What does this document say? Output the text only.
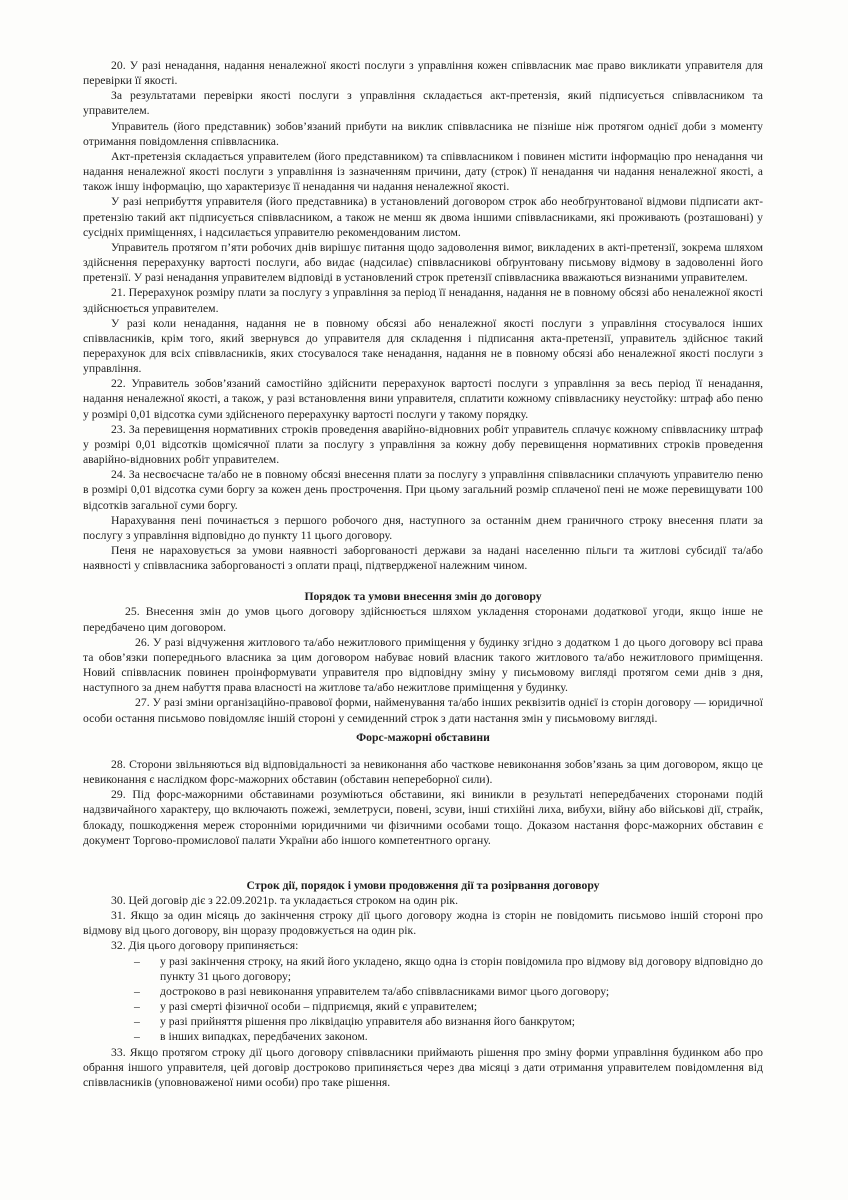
20. У разі ненадання, надання неналежної якості послуги з управління кожен співвласник має право викликати управителя для перевірки її якості.

За результатами перевірки якості послуги з управління складається акт-претензія, який підписується співвласником та управителем.

Управитель (його представник) зобов’язаний прибути на виклик співвласника не пізніше ніж протягом однієї доби з моменту отримання повідомлення співвласника.

Акт-претензія складається управителем (його представником) та співвласником і повинен містити інформацію про ненадання чи надання неналежної якості послуги з управління із зазначенням причини, дату (строк) її ненадання чи надання неналежної якості, а також іншу інформацію, що характеризує її ненадання чи надання неналежної якості.

У разі неприбуття управителя (його представника) в установлений договором строк або необґрунтованої відмови підписати акт-претензію такий акт підписується співвласником, а також не менш як двома іншими співвласниками, які проживають (розташовані) у сусідніх приміщеннях, і надсилається управителю рекомендованим листом.

Управитель протягом п’яти робочих днів вирішує питання щодо задоволення вимог, викладених в акті-претензії, зокрема шляхом здійснення перерахунку вартості послуги, або видає (надсилає) співвласникові обґрунтовану письмову відмову в задоволенні його претензії. У разі ненадання управителем відповіді в установлений строк претензії співвласника вважаються визнаними управителем.

21. Перерахунок розміру плати за послугу з управління за період її ненадання, надання не в повному обсязі або неналежної якості здійснюється управителем.

У разі коли ненадання, надання не в повному обсязі або неналежної якості послуги з управління стосувалося інших співвласників, крім того, який звернувся до управителя для складення і підписання акта-претензії, управитель здійснює такий перерахунок для всіх співвласників, яких стосувалося таке ненадання, надання не в повному обсязі або неналежної якості послуги з управління.

22. Управитель зобов’язаний самостійно здійснити перерахунок вартості послуги з управління за весь період її ненадання, надання неналежної якості, а також, у разі встановлення вини управителя, сплатити кожному співвласнику неустойку: штраф або пеню у розмірі 0,01 відсотка суми здійсненого перерахунку вартості послуги у такому порядку.

23. За перевищення нормативних строків проведення аварійно-відновних робіт управитель сплачує кожному співвласнику штраф у розмірі 0,01 відсотків щомісячної плати за послугу з управління за кожну добу перевищення нормативних строків проведення аварійно-відновних робіт управителем.

24. За несвоєчасне та/або не в повному обсязі внесення плати за послугу з управління співвласники сплачують управителю пеню в розмірі 0,01 відсотка суми боргу за кожен день прострочення. При цьому загальний розмір сплаченої пені не може перевищувати 100 відсотків загальної суми боргу.

Нарахування пені починається з першого робочого дня, наступного за останнім днем граничного строку внесення плати за послугу з управління відповідно до пункту 11 цього договору.

Пеня не нараховується за умови наявності заборгованості держави за надані населенню пільги та житлові субсидії та/або наявності у співвласника заборгованості з оплати праці, підтвердженої належним чином.

Порядок та умови внесення змін до договору

25. Внесення змін до умов цього договору здійснюється шляхом укладення сторонами додаткової угоди, якщо інше не передбачено цим договором.

26. У разі відчуження житлового та/або нежитлового приміщення у будинку згідно з додатком 1 до цього договору всі права та обов’язки попереднього власника за цим договором набуває новий власник такого житлового та/або нежитлового приміщення. Новий співвласник повинен проінформувати управителя про відповідну зміну у письмовому вигляді протягом семи днів з дня, наступного за днем набуття права власності на житлове та/або нежитлове приміщення у будинку.

27. У разі зміни організаційно-правової форми, найменування та/або інших реквізитів однієї із сторін договору — юридичної особи остання письмово повідомляє іншій стороні у семиденний строк з дати настання змін у письмовому вигляді.

Форс-мажорні обставини

28. Сторони звільняються від відповідальності за невиконання або часткове невиконання зобов’язань за цим договором, якщо це невиконання є наслідком форс-мажорних обставин (обставин непереборної сили).

29. Під форс-мажорними обставинами розуміються обставини, які виникли в результаті непередбачених сторонами подій надзвичайного характеру, що включають пожежі, землетруси, повені, зсуви, інші стихійні лиха, вибухи, війну або військові дії, страйк, блокаду, пошкодження мереж сторонніми юридичними чи фізичними особами тощо. Доказом настання форс-мажорних обставин є документ Торгово-промислової палати України або іншого компетентного органу.

Строк дії, порядок і умови продовження дії та розірвання договору

30. Цей договір діє з 22.09.2021р. та укладається строком на один рік.

31. Якщо за один місяць до закінчення строку дії цього договору жодна із сторін не повідомить письмово іншій стороні про відмову від цього договору, він щоразу продовжується на один рік.

32. Дія цього договору припиняється:

– у разі закінчення строку, на який його укладено, якщо одна із сторін повідомила про відмову від договору відповідно до пункту 31 цього договору;
– достроково в разі невиконання управителем та/або співвласниками вимог цього договору;
– у разі смерті фізичної особи – підприємця, який є управителем;
– у разі прийняття рішення про ліквідацію управителя або визнання його банкрутом;
– в інших випадках, передбачених законом.

33. Якщо протягом строку дії цього договору співвласники приймають рішення про зміну форми управління будинком або про обрання іншого управителя, цей договір достроково припиняється через два місяці з дати отримання управителем повідомлення від співвласників (уповноваженої ними особи) про таке рішення.
